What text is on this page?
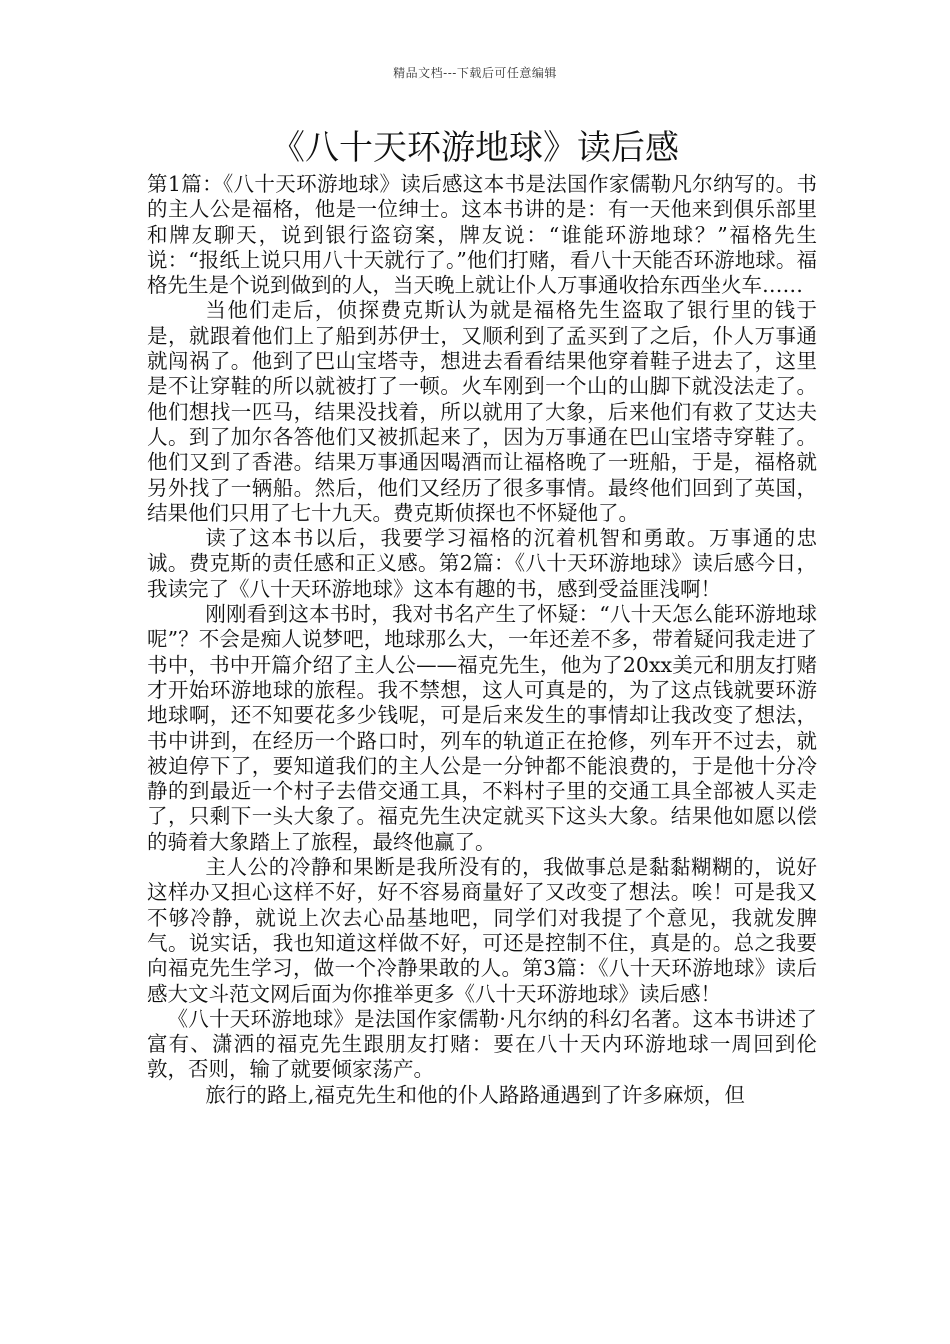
精品文档---下载后可任意编辑
《八十天环游地球》读后感

第1篇：《八十天环游地球》读后感这本书是法国作家儒勒凡尔纳写的。书的主人公是福格，他是一位绅士。这本书讲的是：有一天他来到俱乐部里和牌友聊天，说到银行盗窃案，牌友说：“谁能环游地球？”福格先生说：“报纸上说只用八十天就行了。”他们打赌，看八十天能否环游地球。福格先生是个说到做到的人，当天晚上就让仆人万事通收拾东西坐火车……

当他们走后，侦探费克斯认为就是福格先生盗取了银行里的钱于是，就跟着他们上了船到苏伊士，又顺利到了孟买到了之后，仆人万事通就闯祸了。他到了巴山宝塔寺，想进去看看结果他穿着鞋子进去了，这里是不让穿鞋的所以就被打了一顿。火车刚到一个山的山脚下就没法走了。他们想找一匹马，结果没找着，所以就用了大象，后来他们有救了艾达夫人。到了加尔各答他们又被抓起来了，因为万事通在巴山宝塔寺穿鞋了。他们又到了香港。结果万事通因喝酒而让福格晚了一班船，于是，福格就另外找了一辆船。然后，他们又经历了很多事情。最终他们回到了英国，结果他们只用了七十九天。费克斯侦探也不怀疑他了。

读了这本书以后，我要学习福格的沉着机智和勇敢。万事通的忠诚。费克斯的责任感和正义感。第2篇：《八十天环游地球》读后感今日，我读完了《八十天环游地球》这本有趣的书，感到受益匪浅啊！

刚刚看到这本书时，我对书名产生了怀疑：“八十天怎么能环游地球呢”？不会是痴人说梦吧，地球那么大，一年还差不多，带着疑问我走进了书中，书中开篇介绍了主人公——福克先生，他为了20xx美元和朋友打赌才开始环游地球的旅程。我不禁想，这人可真是的，为了这点钱就要环游地球啊，还不知要花多少钱呢，可是后来发生的事情却让我改变了想法，书中讲到，在经历一个路口时，列车的轨道正在抢修，列车开不过去，就被迫停下了，要知道我们的主人公是一分钟都不能浪费的，于是他十分冷静的到最近一个村子去借交通工具，不料村子里的交通工具全部被人买走了，只剩下一头大象了。福克先生决定就买下这头大象。结果他如愿以偿的骑着大象踏上了旅程，最终他赢了。

主人公的冷静和果断是我所没有的，我做事总是黏黏糊糊的，说好这样办又担心这样不好，好不容易商量好了又改变了想法。唉！可是我又不够冷静，就说上次去心品基地吧，同学们对我提了个意见，我就发脾气。说实话，我也知道这样做不好，可还是控制不住，真是的。总之我要向福克先生学习，做一个冷静果敢的人。第3篇：《八十天环游地球》读后感大文斗范文网后面为你推举更多《八十天环游地球》读后感！

《八十天环游地球》是法国作家儒勒·凡尔纳的科幻名著。这本书讲述了富有、潇洒的福克先生跟朋友打赌：要在八十天内环游地球一周回到伦敦，否则，输了就要倾家荡产。

旅行的路上,福克先生和他的仆人路路通遇到了许多麻烦，但
